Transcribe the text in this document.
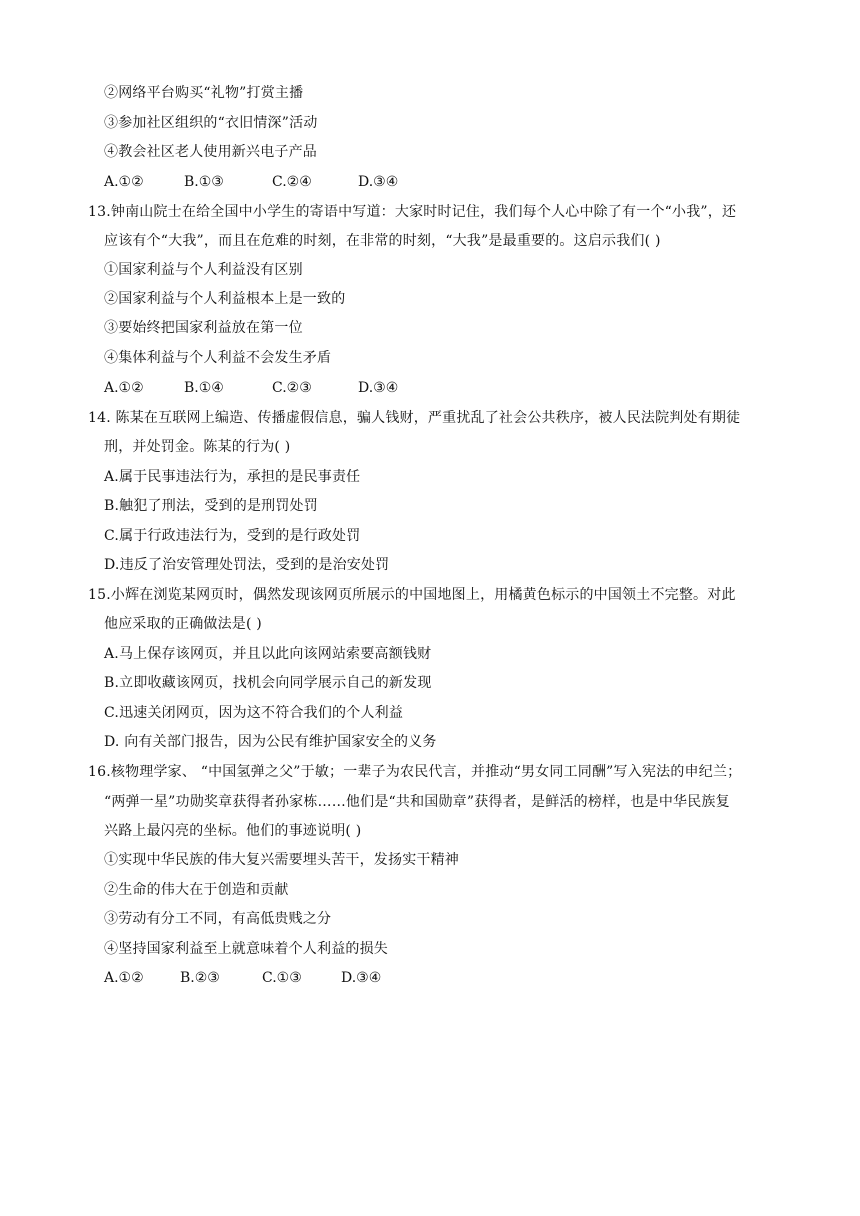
②网络平台购买“礼物”打赏主播
③参加社区组织的“衣旧情深”活动
④教会社区老人使用新兴电子产品
A.①②	B.①③	C.②④	D.③④
13.钟南山院士在给全国中小学生的寄语中写道：大家时时记住，我们每个人心中除了有一个“小我”，还
应该有个“大我”，而且在危难的时刻，在非常的时刻，“大我”是最重要的。这启示我们( )
①国家利益与个人利益没有区别
②国家利益与个人利益根本上是一致的
③要始终把国家利益放在第一位
④集体利益与个人利益不会发生矛盾
A.①②	B.①④	C.②③	D.③④
14. 陈某在互联网上编造、传播虚假信息，骗人钱财，严重扰乱了社会公共秩序，被人民法院判处有期徒
刑，并处罚金。陈某的行为( )
A.属于民事违法行为，承担的是民事责任
B.触犯了刑法，受到的是刑罚处罚
C.属于行政违法行为，受到的是行政处罚
D.违反了治安管理处罚法，受到的是治安处罚
15.小辉在浏览某网页时，偶然发现该网页所展示的中国地图上，用橘黄色标示的中国领土不完整。对此
他应采取的正确做法是( )
A.马上保存该网页，并且以此向该网站索要高额钱财
B.立即收藏该网页，找机会向同学展示自己的新发现
C.迅速关闭网页，因为这不符合我们的个人利益
D. 向有关部门报告，因为公民有维护国家安全的义务
16.核物理学家、 “中国氢弹之父”于敏；一辈子为农民代言，并推动“男女同工同酬”写入宪法的申纪兰；
“两弹一星”功勋奖章获得者孙家栋……他们是“共和国勋章”获得者，是鲜活的榜样，也是中华民族复
兴路上最闪亮的坐标。他们的事迹说明( )
①实现中华民族的伟大复兴需要埋头苦干，发扬实干精神
②生命的伟大在于创造和贡献
③劳动有分工不同，有高低贵贱之分
④坚持国家利益至上就意味着个人利益的损失
A.①②	B.②③	C.①③	D.③④
